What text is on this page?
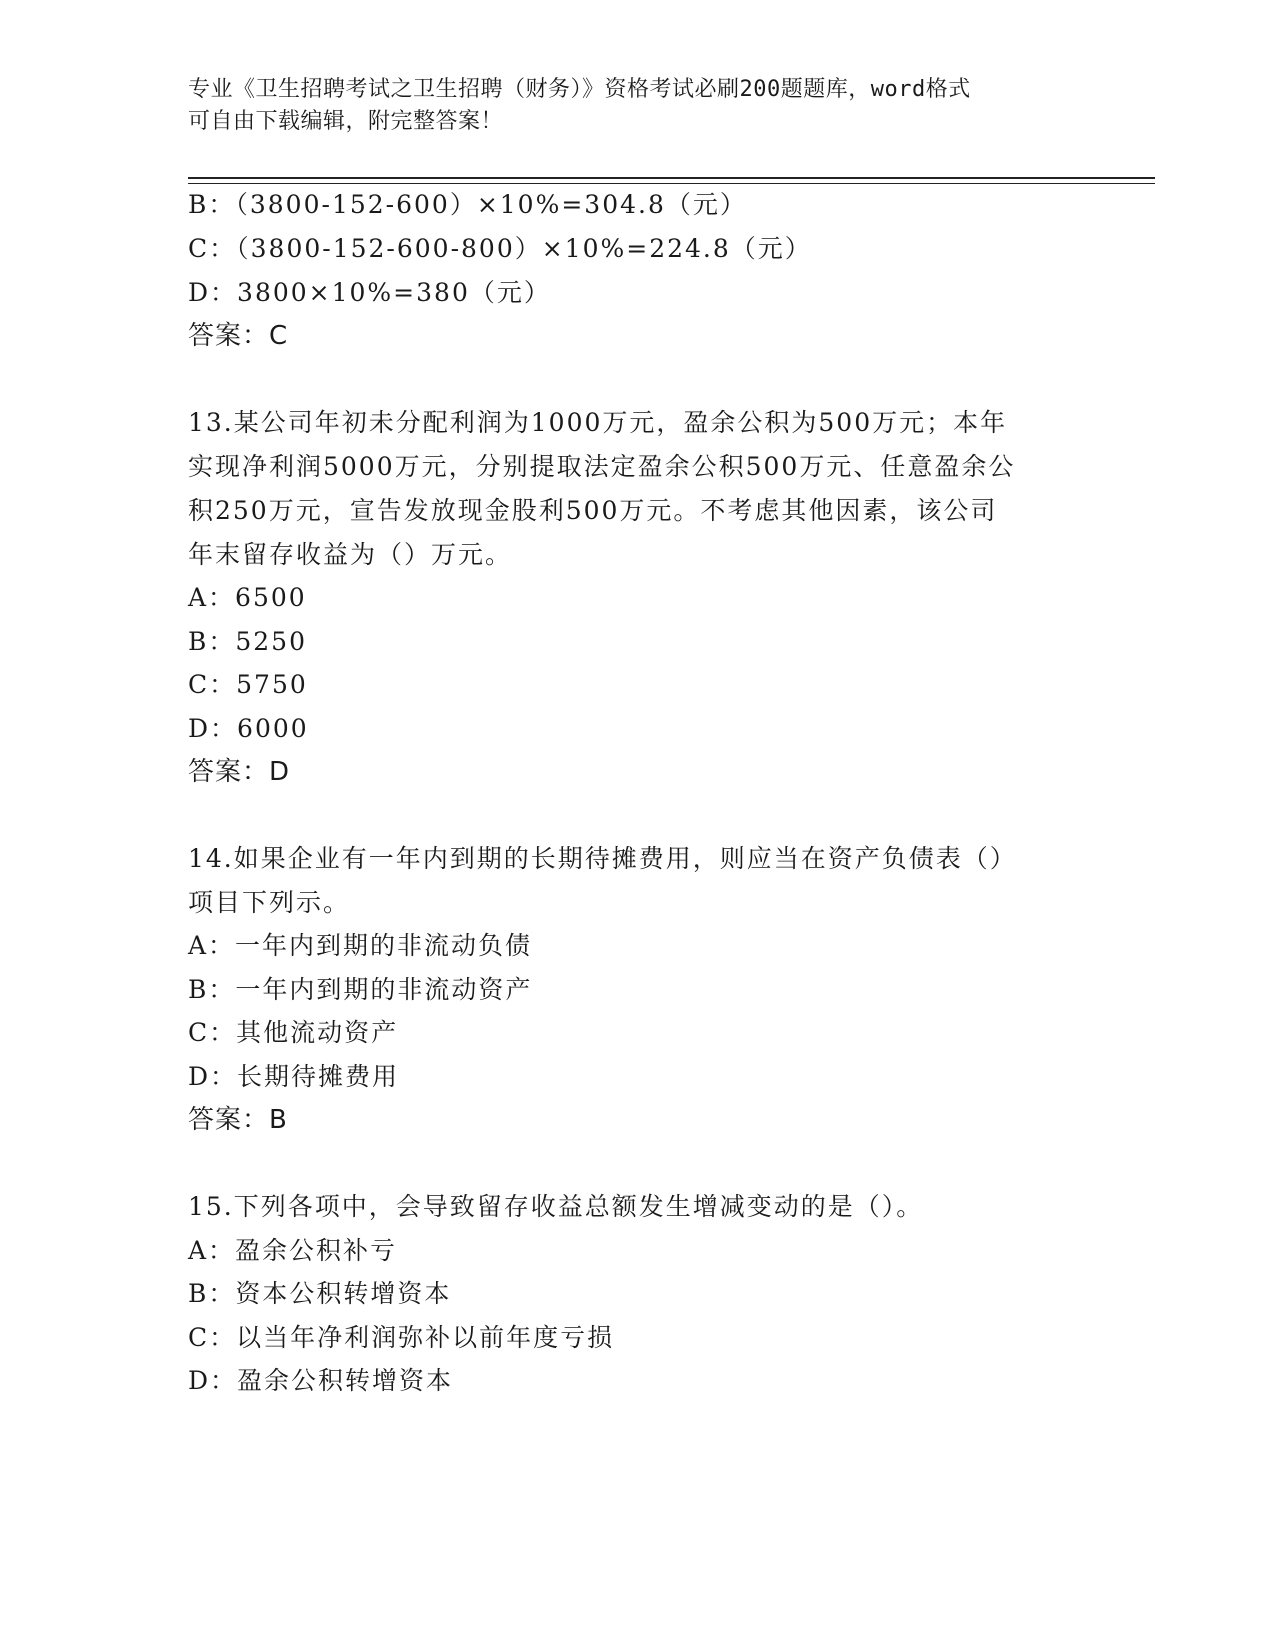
专业《卫生招聘考试之卫生招聘（财务）》资格考试必刷200题题库，word格式
可自由下载编辑，附完整答案！
B：（3800-152-600）×10%=304.8（元）
C：（3800-152-600-800）×10%=224.8（元）
D：3800×10%=380（元）
答案：C
13.某公司年初未分配利润为1000万元，盈余公积为500万元；本年
实现净利润5000万元，分别提取法定盈余公积500万元、任意盈余公
积250万元，宣告发放现金股利500万元。不考虑其他因素，该公司
年末留存收益为（）万元。
A：6500
B：5250
C：5750
D：6000
答案：D
14.如果企业有一年内到期的长期待摊费用，则应当在资产负债表（）
项目下列示。
A：一年内到期的非流动负债
B：一年内到期的非流动资产
C：其他流动资产
D：长期待摊费用
答案：B
15.下列各项中，会导致留存收益总额发生增减变动的是（）。
A：盈余公积补亏
B：资本公积转增资本
C：以当年净利润弥补以前年度亏损
D：盈余公积转增资本
